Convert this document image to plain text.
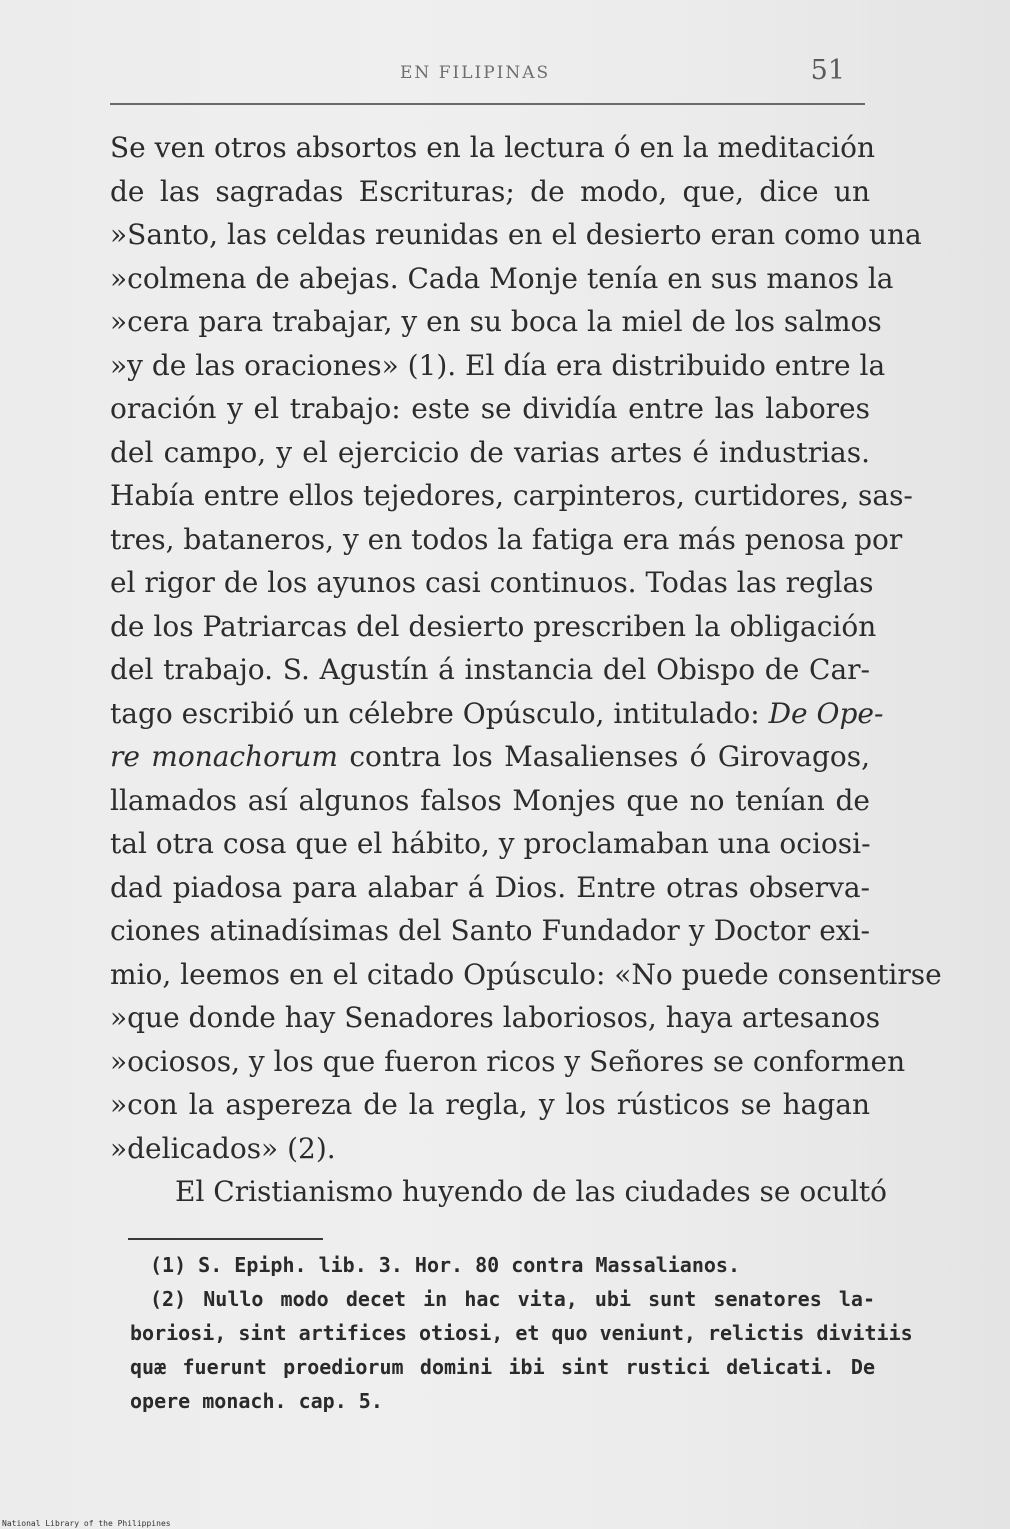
EN FILIPINAS	51
Se ven otros absortos en la lectura ó en la meditación
de las sagradas Escrituras; de modo, que, dice un
»Santo, las celdas reunidas en el desierto eran como una
»colmena de abejas. Cada Monje tenía en sus manos la
»cera para trabajar, y en su boca la miel de los salmos
»y de las oraciones» (1). El día era distribuido entre la
oración y el trabajo: este se dividía entre las labores
del campo, y el ejercicio de varias artes é industrias.
Había entre ellos tejedores, carpinteros, curtidores, sas-
tres, bataneros, y en todos la fatiga era más penosa por
el rigor de los ayunos casi continuos. Todas las reglas
de los Patriarcas del desierto prescriben la obligación
del trabajo. S. Agustín á instancia del Obispo de Car-
tago escribió un célebre Opúsculo, intitulado: De Ope-
re monachorum contra los Masalienses ó Girovagos,
llamados así algunos falsos Monjes que no tenían de
tal otra cosa que el hábito, y proclamaban una ociosi-
dad piadosa para alabar á Dios. Entre otras observa-
ciones atinadísimas del Santo Fundador y Doctor exi-
mio, leemos en el citado Opúsculo: «No puede consentirse
»que donde hay Senadores laboriosos, haya artesanos
»ociosos, y los que fueron ricos y Señores se conformen
»con la aspereza de la regla, y los rústicos se hagan
»delicados» (2).
El Cristianismo huyendo de las ciudades se ocultó
(1) S. Epiph. lib. 3. Hor. 80 contra Massalianos.
(2) Nullo modo decet in hac vita, ubi sunt senatores la-
boriosi, sint artifices otiosi, et quo veniunt, relictis divitiis
quæ fuerunt proediorum domini ibi sint rustici delicati. De
opere monach. cap. 5.
National Library of the Philippines
